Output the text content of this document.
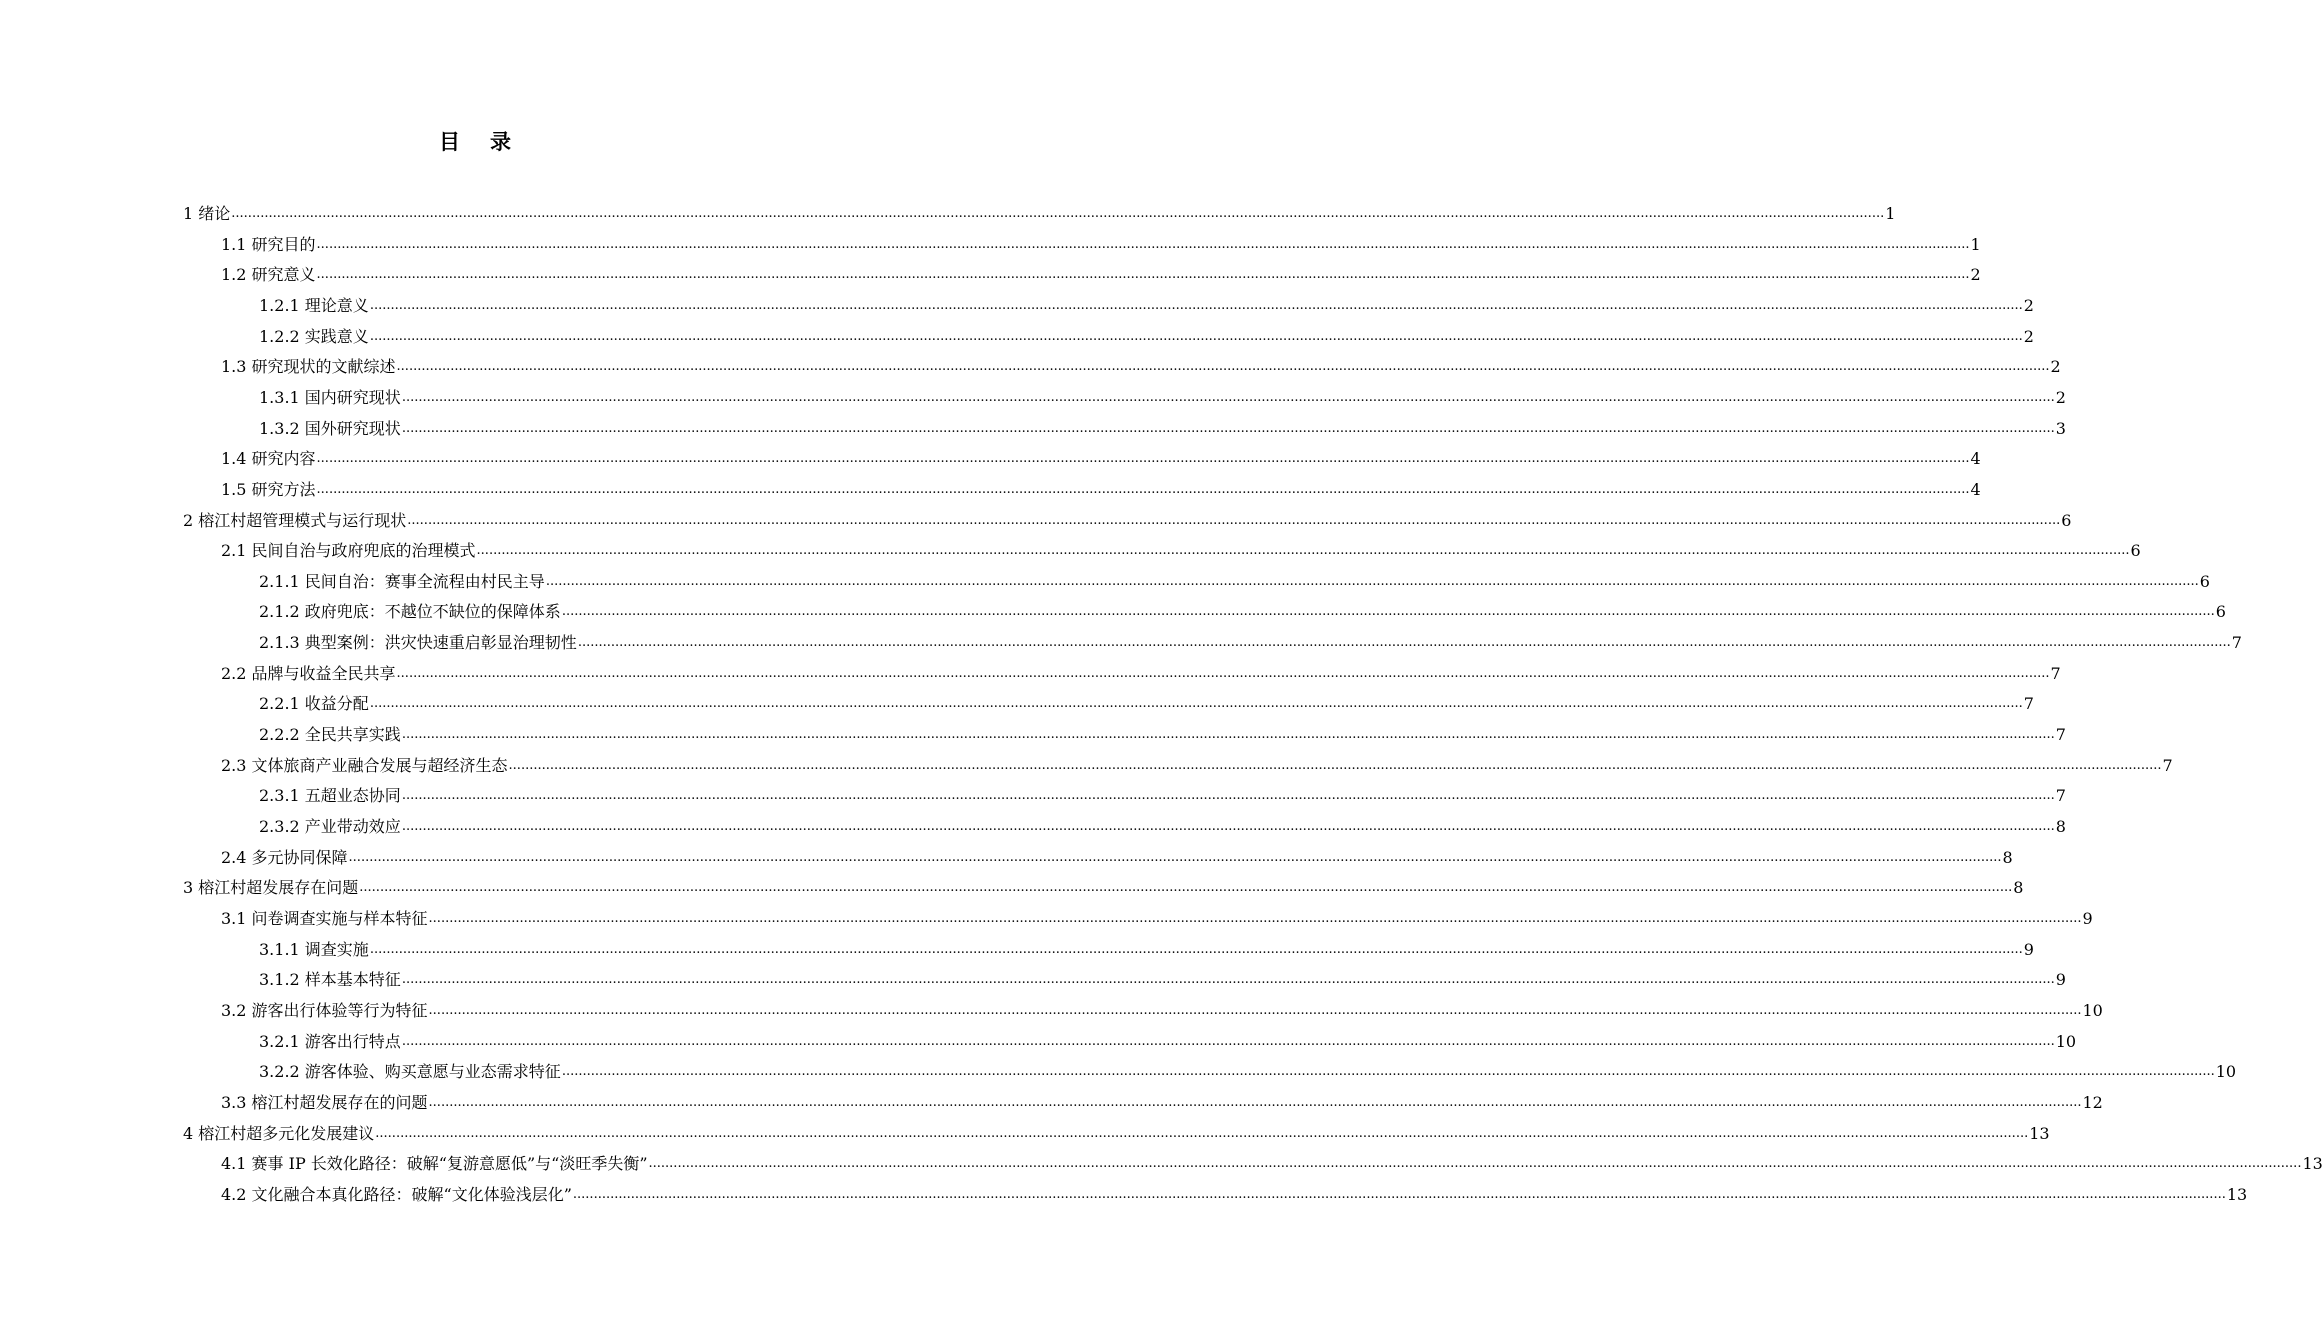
目 录
1 绪论 ................................................................................................................................................................................................................................................................................................................................................................................................................ 1
1.1 研究目的 ................................................................................................................................................................................................................................................................................................................................................................................................................ 1
1.2 研究意义 ................................................................................................................................................................................................................................................................................................................................................................................................................ 2
1.2.1 理论意义 ................................................................................................................................................................................................................................................................................................................................................................................................................ 2
1.2.2 实践意义 ................................................................................................................................................................................................................................................................................................................................................................................................................ 2
1.3 研究现状的文献综述 ................................................................................................................................................................................................................................................................................................................................................................................................................ 2
1.3.1 国内研究现状 ................................................................................................................................................................................................................................................................................................................................................................................................................ 2
1.3.2 国外研究现状 ................................................................................................................................................................................................................................................................................................................................................................................................................ 3
1.4 研究内容 ................................................................................................................................................................................................................................................................................................................................................................................................................ 4
1.5 研究方法 ................................................................................................................................................................................................................................................................................................................................................................................................................ 4
2 榕江村超管理模式与运行现状 ................................................................................................................................................................................................................................................................................................................................................................................................................ 6
2.1 民间自治与政府兜底的治理模式 ................................................................................................................................................................................................................................................................................................................................................................................................................ 6
2.1.1 民间自治：赛事全流程由村民主导 ................................................................................................................................................................................................................................................................................................................................................................................................................ 6
2.1.2 政府兜底：不越位不缺位的保障体系 ................................................................................................................................................................................................................................................................................................................................................................................................................ 6
2.1.3 典型案例：洪灾快速重启彰显治理韧性 ................................................................................................................................................................................................................................................................................................................................................................................................................ 7
2.2 品牌与收益全民共享 ................................................................................................................................................................................................................................................................................................................................................................................................................ 7
2.2.1 收益分配 ................................................................................................................................................................................................................................................................................................................................................................................................................ 7
2.2.2 全民共享实践 ................................................................................................................................................................................................................................................................................................................................................................................................................ 7
2.3 文体旅商产业融合发展与超经济生态 ................................................................................................................................................................................................................................................................................................................................................................................................................ 7
2.3.1 五超业态协同 ................................................................................................................................................................................................................................................................................................................................................................................................................ 7
2.3.2 产业带动效应 ................................................................................................................................................................................................................................................................................................................................................................................................................ 8
2.4 多元协同保障 ................................................................................................................................................................................................................................................................................................................................................................................................................ 8
3 榕江村超发展存在问题 ................................................................................................................................................................................................................................................................................................................................................................................................................ 8
3.1 问卷调查实施与样本特征 ................................................................................................................................................................................................................................................................................................................................................................................................................ 9
3.1.1 调查实施 ................................................................................................................................................................................................................................................................................................................................................................................................................ 9
3.1.2 样本基本特征 ................................................................................................................................................................................................................................................................................................................................................................................................................ 9
3.2 游客出行体验等行为特征 ................................................................................................................................................................................................................................................................................................................................................................................................................ 10
3.2.1 游客出行特点 ................................................................................................................................................................................................................................................................................................................................................................................................................ 10
3.2.2 游客体验、购买意愿与业态需求特征 ................................................................................................................................................................................................................................................................................................................................................................................................................ 10
3.3 榕江村超发展存在的问题 ................................................................................................................................................................................................................................................................................................................................................................................................................ 12
4 榕江村超多元化发展建议 ................................................................................................................................................................................................................................................................................................................................................................................................................ 13
4.1 赛事 IP 长效化路径：破解“复游意愿低”与“淡旺季失衡” ................................................................................................................................................................................................................................................................................................................................................................................................................ 13
4.2 文化融合本真化路径：破解“文化体验浅层化” ................................................................................................................................................................................................................................................................................................................................................................................................................ 13
